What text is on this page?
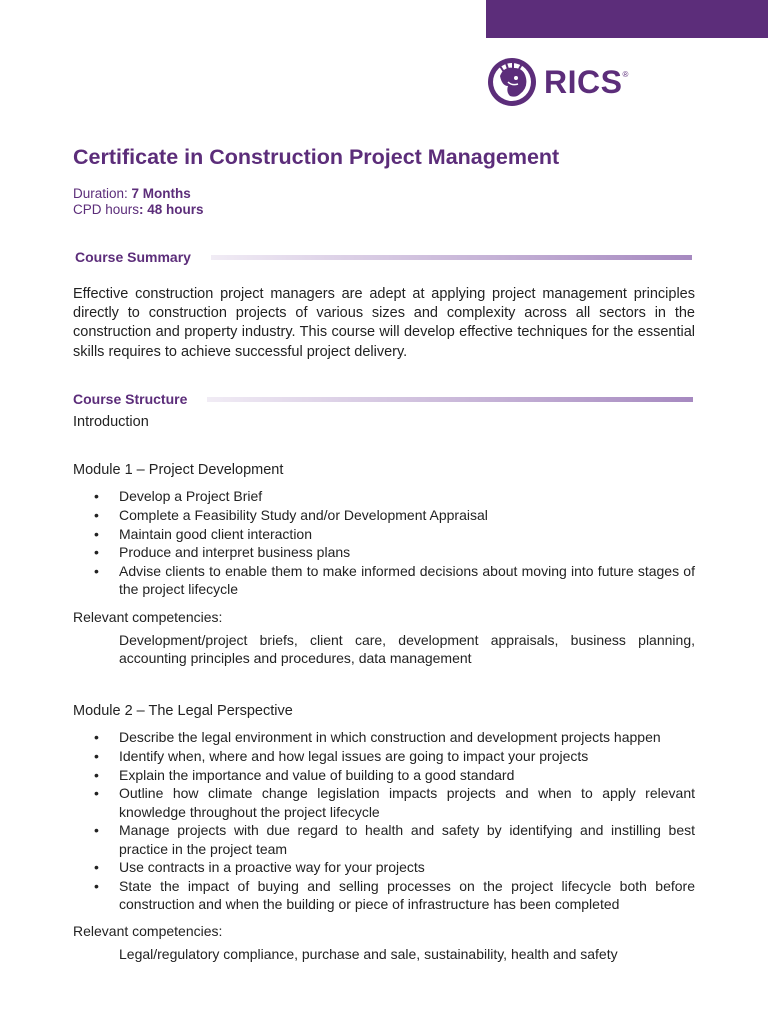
RICS ®
Certificate in Construction Project Management
Duration: 7 Months
CPD hours: 48 hours
Course Summary
Effective construction project managers are adept at applying project management principles directly to construction projects of various sizes and complexity across all sectors in the construction and property industry. This course will develop effective techniques for the essential skills requires to achieve successful project delivery.
Course Structure
Introduction
Module 1 – Project Development
• Develop a Project Brief
• Complete a Feasibility Study and/or Development Appraisal
• Maintain good client interaction
• Produce and interpret business plans
• Advise clients to enable them to make informed decisions about moving into future stages of the project lifecycle
Relevant competencies:
Development/project briefs, client care, development appraisals, business planning, accounting principles and procedures, data management
Module 2 – The Legal Perspective
• Describe the legal environment in which construction and development projects happen
• Identify when, where and how legal issues are going to impact your projects
• Explain the importance and value of building to a good standard
• Outline how climate change legislation impacts projects and when to apply relevant knowledge throughout the project lifecycle
• Manage projects with due regard to health and safety by identifying and instilling best practice in the project team
• Use contracts in a proactive way for your projects
• State the impact of buying and selling processes on the project lifecycle both before construction and when the building or piece of infrastructure has been completed
Relevant competencies:
Legal/regulatory compliance, purchase and sale, sustainability, health and safety
